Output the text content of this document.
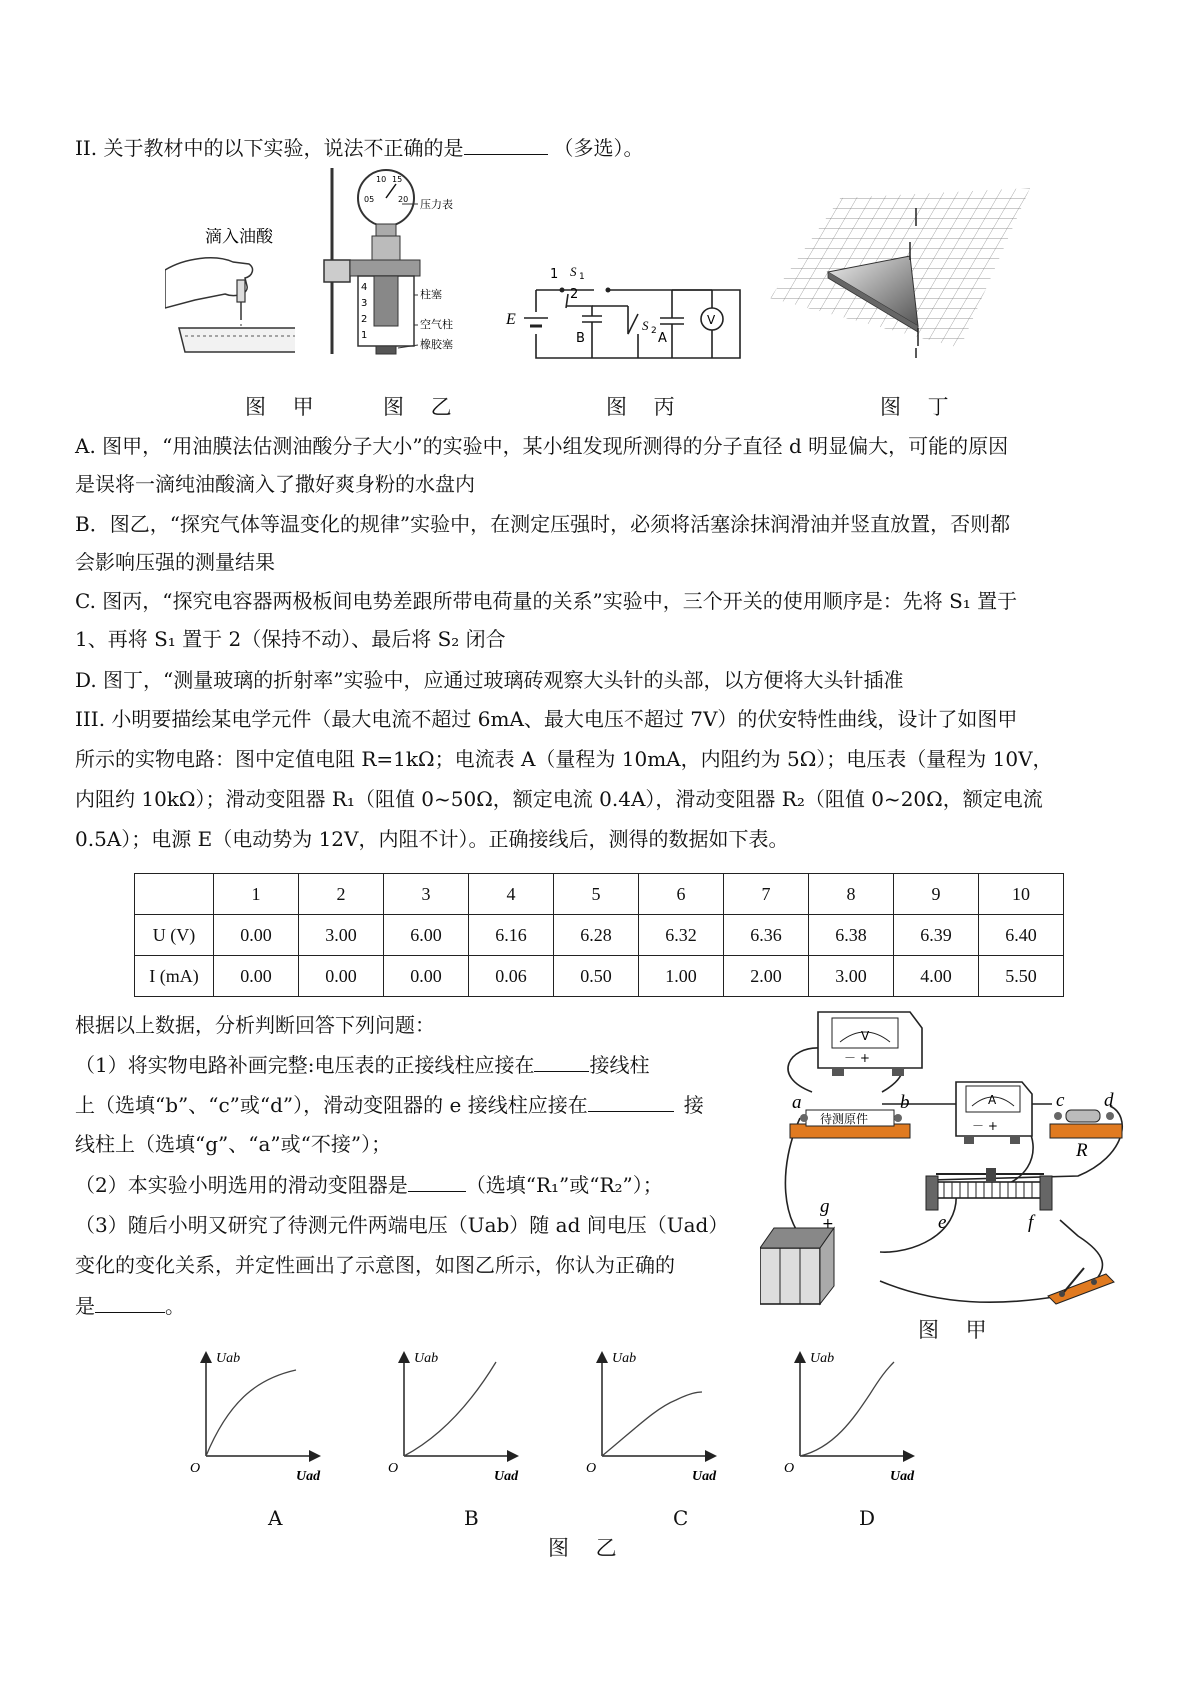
II. 关于教材中的以下实验，说法不正确的是	（多选）。
滴入油酸
05
10 15
20 压力表
4
3
2
1
柱塞
空气柱
橡胶塞
E
1
2
S 1
S 2
B	A
V
图 甲	图 乙	图 丙	图 丁
A. 图甲，“用油膜法估测油酸分子大小”的实验中，某小组发现所测得的分子直径 d 明显偏大，可能的原因
是误将一滴纯油酸滴入了撒好爽身粉的水盘内
B．图乙，“探究气体等温变化的规律”实验中，在测定压强时，必须将活塞涂抹润滑油并竖直放置，否则都
会影响压强的测量结果
C. 图丙，“探究电容器两极板间电势差跟所带电荷量的关系”实验中，三个开关的使用顺序是：先将 S₁ 置于
1、再将 S₁ 置于 2（保持不动）、最后将 S₂ 闭合
D. 图丁，“测量玻璃的折射率”实验中，应通过玻璃砖观察大头针的头部，以方便将大头针插准
III. 小明要描绘某电学元件（最大电流不超过 6mA、最大电压不超过 7V）的伏安特性曲线，设计了如图甲
所示的实物电路：图中定值电阻 R=1kΩ；电流表 A（量程为 10mA，内阻约为 5Ω）；电压表（量程为 10V，
内阻约 10kΩ）；滑动变阻器 R₁（阻值 0~50Ω，额定电流 0.4A），滑动变阻器 R₂（阻值 0~20Ω，额定电流
0.5A）；电源 E（电动势为 12V，内阻不计）。正确接线后，测得的数据如下表。
	1	2	3	4	5	6	7	8	9	10
U (V)	0.00	3.00	6.00	6.16	6.28	6.32	6.36	6.38	6.39	6.40
I (mA)	0.00	0.00	0.00	0.06	0.50	1.00	2.00	3.00	4.00	5.50
根据以上数据，分析判断回答下列问题：
（1）将实物电路补画完整:电压表的正接线柱应接在	接线柱
上（选填“b”、“c”或“d”），滑动变阻器的 e 接线柱应接在	接
线柱上（选填“g”、“a”或“不接”）；
（2）本实验小明选用的滑动变阻器是	（选填“R₁”或“R₂”）；
（3）随后小明又研究了待测元件两端电压（Uab）随 ad 间电压（Uad）
变化的变化关系，并定性画出了示意图，如图乙所示，你认为正确的
是	。
V
－ +
A
－ +
待测原件
a	b	c d
R
e	f
g
+
图 甲
O
Uab
Uad
O
Uab
Uad
O
Uab
Uad
O
Uab
Uad
A	B	C	D
图 乙
